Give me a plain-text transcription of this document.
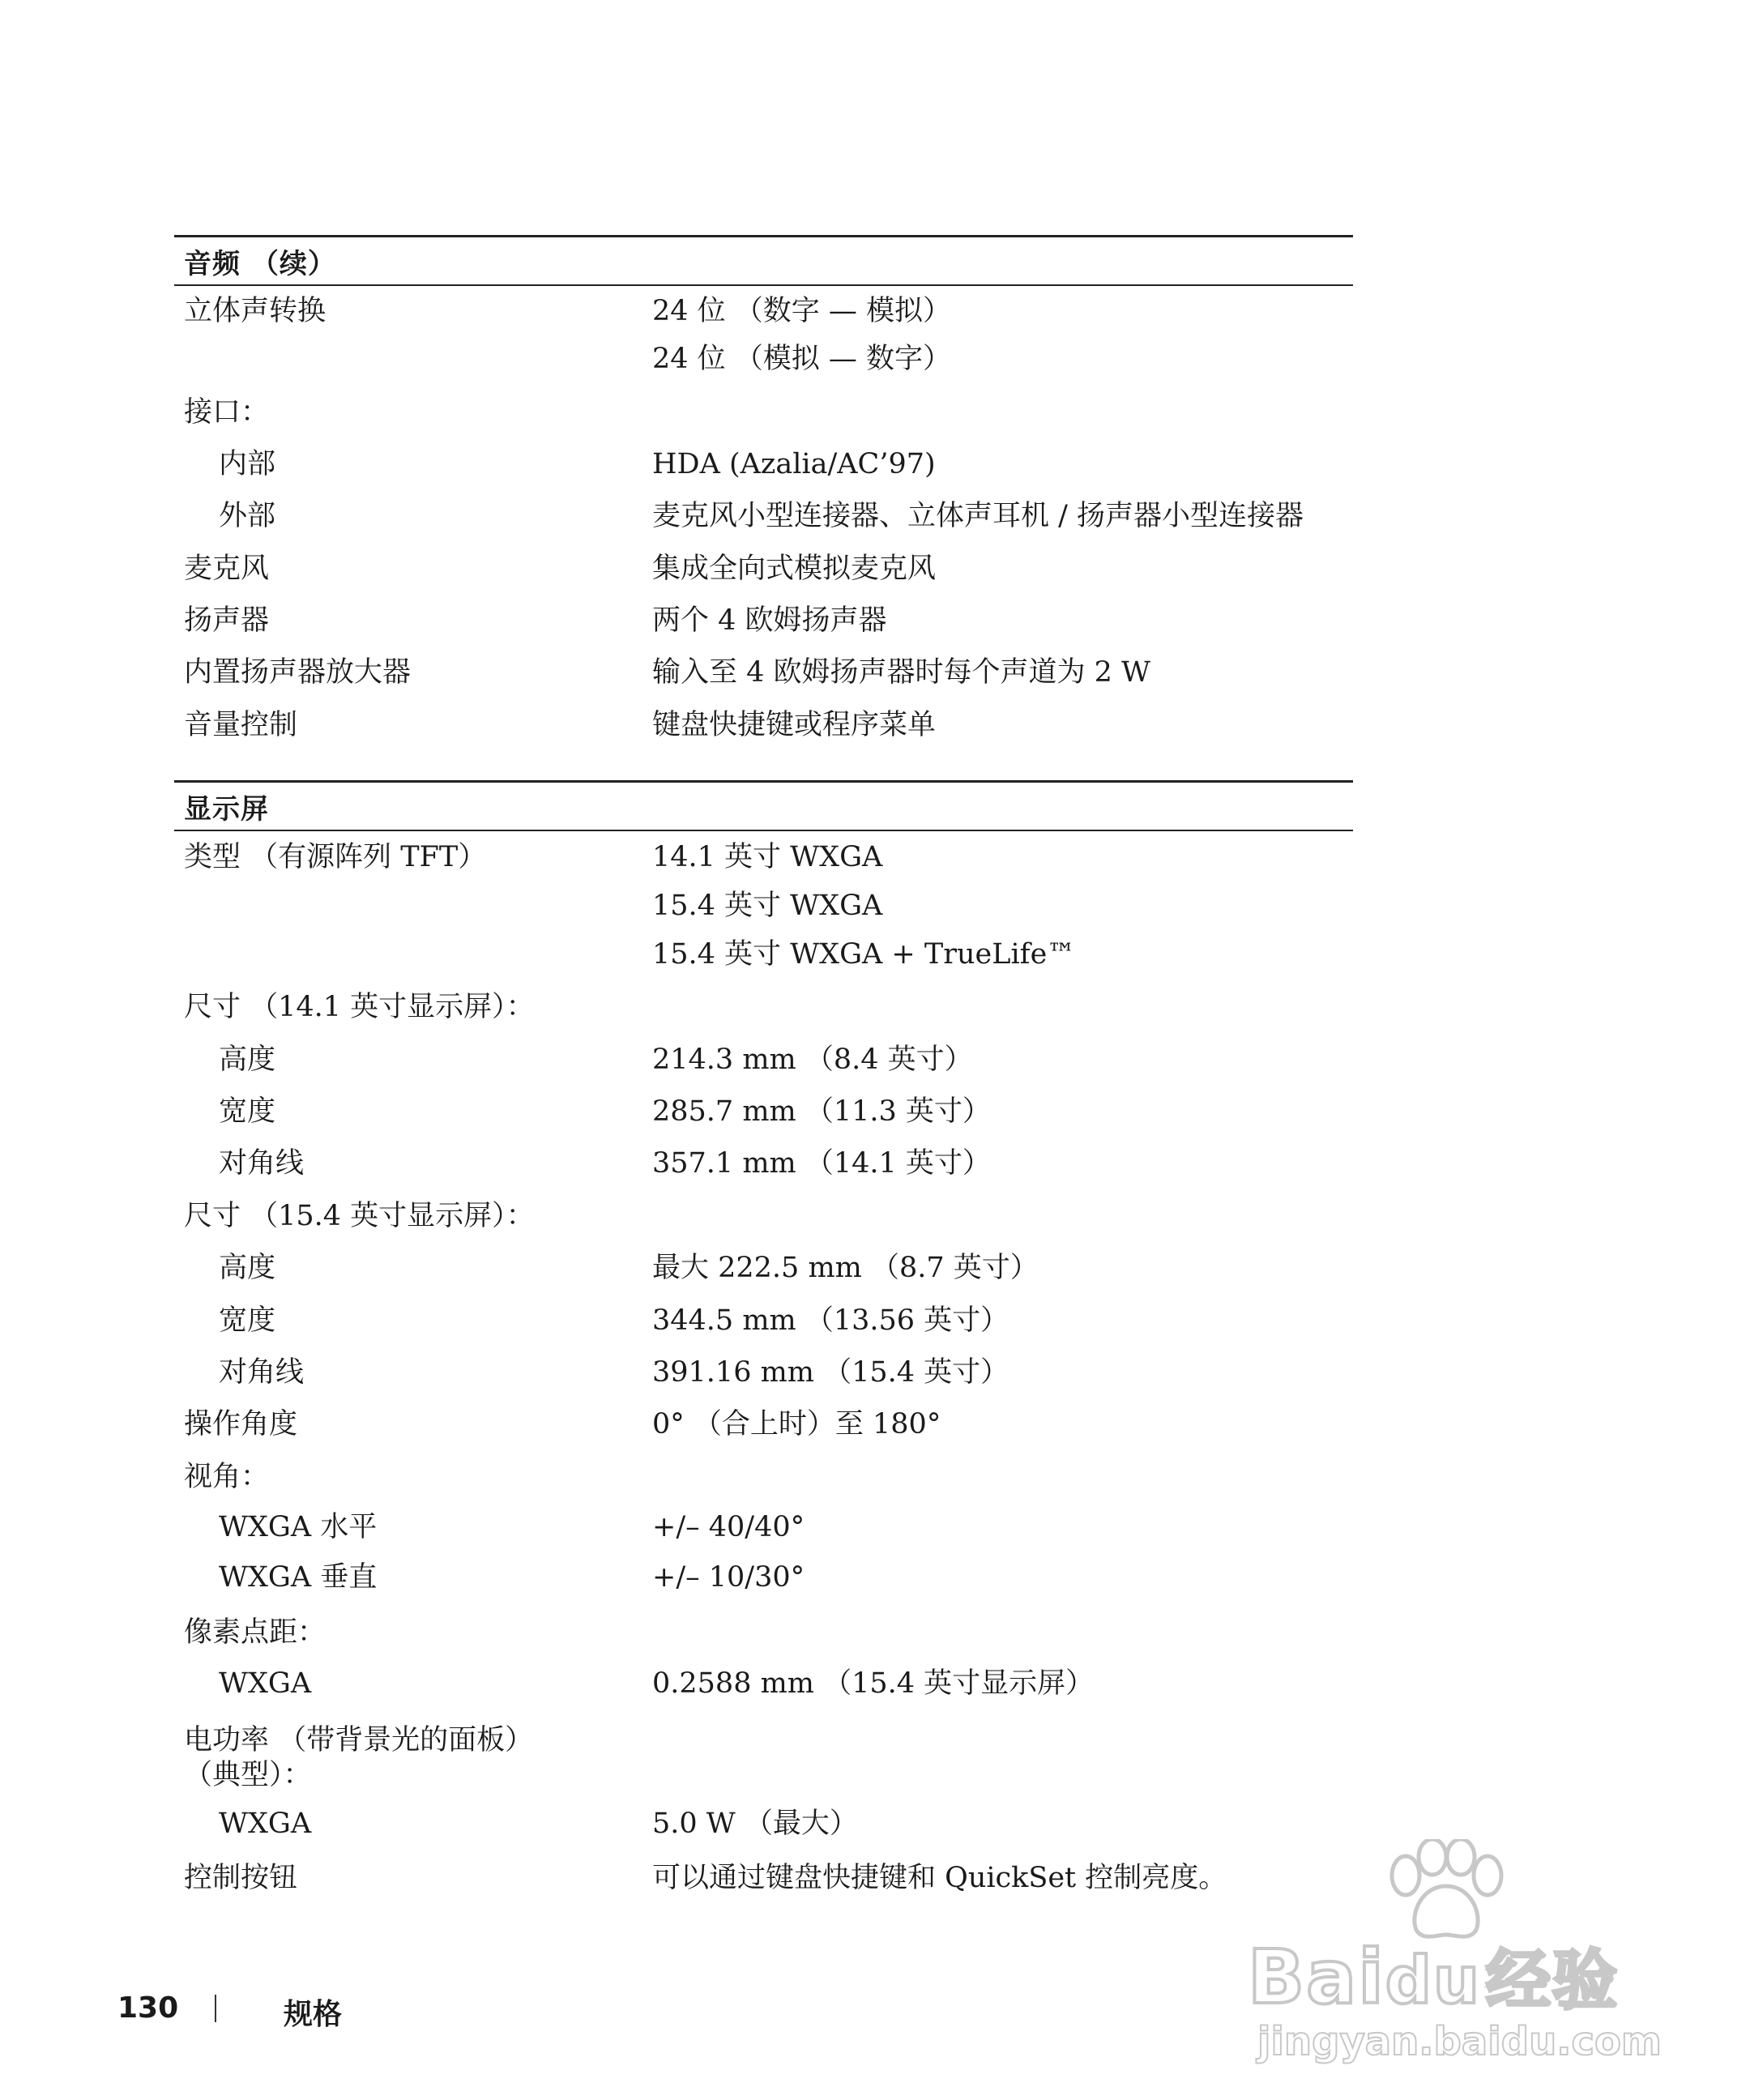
音频 （续）
立体声转换	24 位 （数字 — 模拟）
24 位 （模拟 — 数字）
接口：
内部	HDA (Azalia/AC’97)
外部	麦克风小型连接器、立体声耳机 / 扬声器小型连接器
麦克风	集成全向式模拟麦克风
扬声器	两个 4 欧姆扬声器
内置扬声器放大器	输入至 4 欧姆扬声器时每个声道为 2 W
音量控制	键盘快捷键或程序菜单
显示屏
类型 （有源阵列 TFT）	14.1 英寸 WXGA
15.4 英寸 WXGA
15.4 英寸 WXGA + TrueLife™
尺寸 （14.1 英寸显示屏）：
高度	214.3 mm （8.4 英寸）
宽度	285.7 mm （11.3 英寸）
对角线	357.1 mm （14.1 英寸）
尺寸 （15.4 英寸显示屏）：
高度	最大 222.5 mm （8.7 英寸）
宽度	344.5 mm （13.56 英寸）
对角线	391.16 mm （15.4 英寸）
操作角度	0° （合上时）至 180°
视角：
WXGA 水平	+/– 40/40°
WXGA 垂直	+/– 10/30°
像素点距：
WXGA	0.2588 mm （15.4 英寸显示屏）
电功率 （带背景光的面板）
（典型）：
WXGA	5.0 W （最大）
控制按钮	可以通过键盘快捷键和 QuickSet 控制亮度。
130	规格	Baidu经验
jingyan.baidu.com
